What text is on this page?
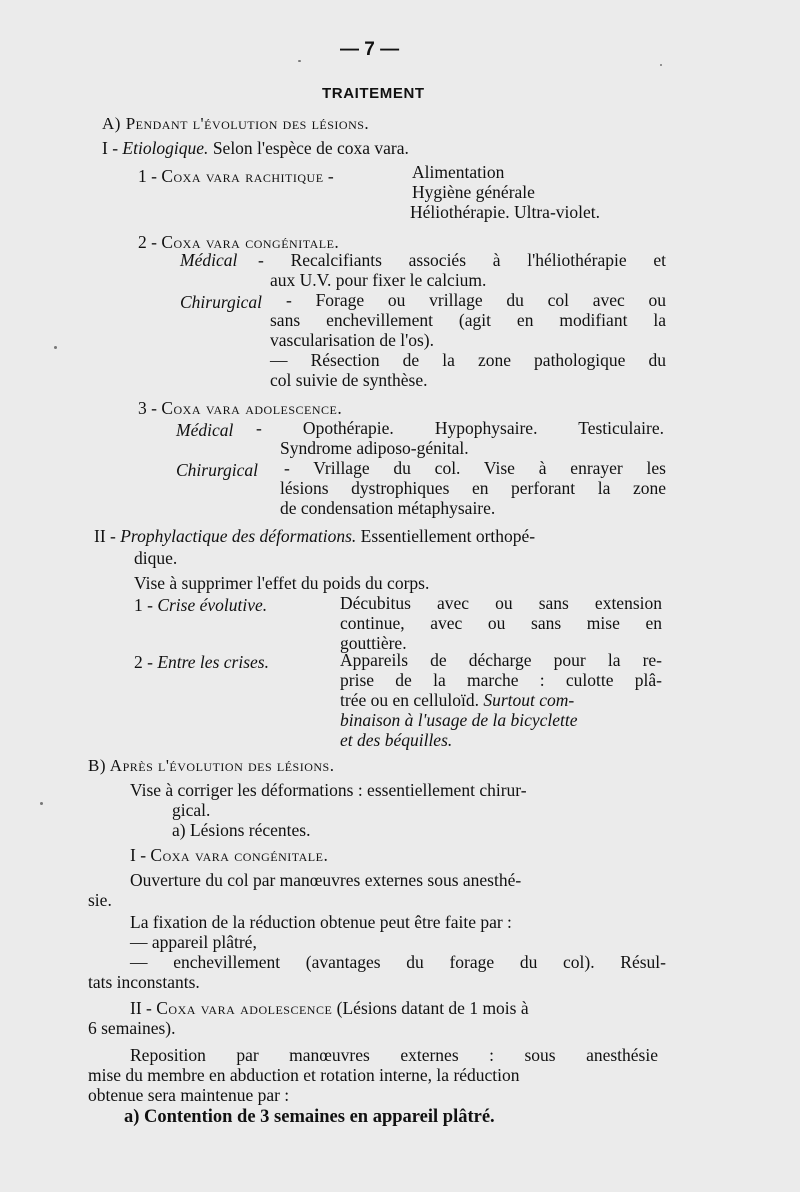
— 7 —
TRAITEMENT
A) Pendant l'évolution des lésions.
I - Etiologique. Selon l'espèce de coxa vara.
1 - Coxa vara rachitique -	Alimentation
Hygiène générale
Héliothérapie. Ultra-violet.
2 - Coxa vara congénitale.
Médical - Recalcifiants associés à l'héliothérapie et
aux U.V. pour fixer le calcium.
Chirurgical - Forage ou vrillage du col avec ou
sans enchevillement (agit en modifiant la
vascularisation de l'os).
— Résection de la zone pathologique du
col suivie de synthèse.
3 - Coxa vara adolescence.
Médical - Opothérapie. Hypophysaire. Testiculaire.
Syndrome adiposo-génital.
Chirurgical - Vrillage du col. Vise à enrayer les
lésions dystrophiques en perforant la zone
de condensation métaphysaire.
II - Prophylactique des déformations. Essentiellement orthopé-
dique.
Vise à supprimer l'effet du poids du corps.
1 - Crise évolutive.	Décubitus avec ou sans extension
continue, avec ou sans mise en
gouttière.
2 - Entre les crises.	Appareils de décharge pour la re-
prise de la marche : culotte plâ-
trée ou en celluloïd. Surtout com-
binaison à l'usage de la bicyclette
et des béquilles.
B) Après l'évolution des lésions.
Vise à corriger les déformations : essentiellement chirur-
gical.
a) Lésions récentes.
I - Coxa vara congénitale.
Ouverture du col par manœuvres externes sous anesthé-
sie.
La fixation de la réduction obtenue peut être faite par :
— appareil plâtré,
— enchevillement (avantages du forage du col). Résul-
tats inconstants.
II - Coxa vara adolescence (Lésions datant de 1 mois à
6 semaines).
Reposition par manœuvres externes : sous anesthésie
mise du membre en abduction et rotation interne, la réduction
obtenue sera maintenue par :
a) Contention de 3 semaines en appareil plâtré.
